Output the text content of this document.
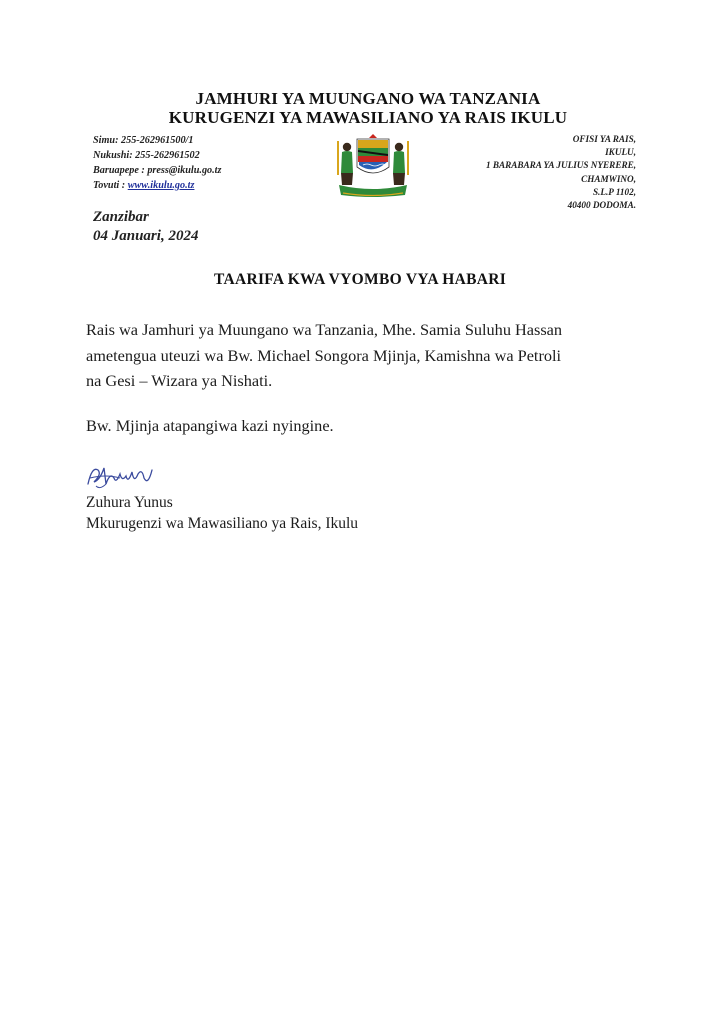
JAMHURI YA MUUNGANO WA TANZANIA
KURUGENZI YA MAWASILIANO YA RAIS IKULU
Simu: 255-262961500/1
Nukushi: 255-262961502
Baruapepe : press@ikulu.go.tz
Tovuti : www.ikulu.go.tz
OFISI YA RAIS,
IKULU,
1 BARABARA YA JULIUS NYERERE,
CHAMWINO,
S.L.P 1102,
40400 DODOMA.
Zanzibar
04 Januari, 2024
TAARIFA KWA VYOMBO VYA HABARI
Rais wa Jamhuri ya Muungano wa Tanzania, Mhe. Samia Suluhu Hassan
ametengua uteuzi wa Bw. Michael Songora Mjinja, Kamishna wa Petroli
na Gesi – Wizara ya Nishati.
Bw. Mjinja atapangiwa kazi nyingine.
Zuhura Yunus
Mkurugenzi wa Mawasiliano ya Rais, Ikulu
